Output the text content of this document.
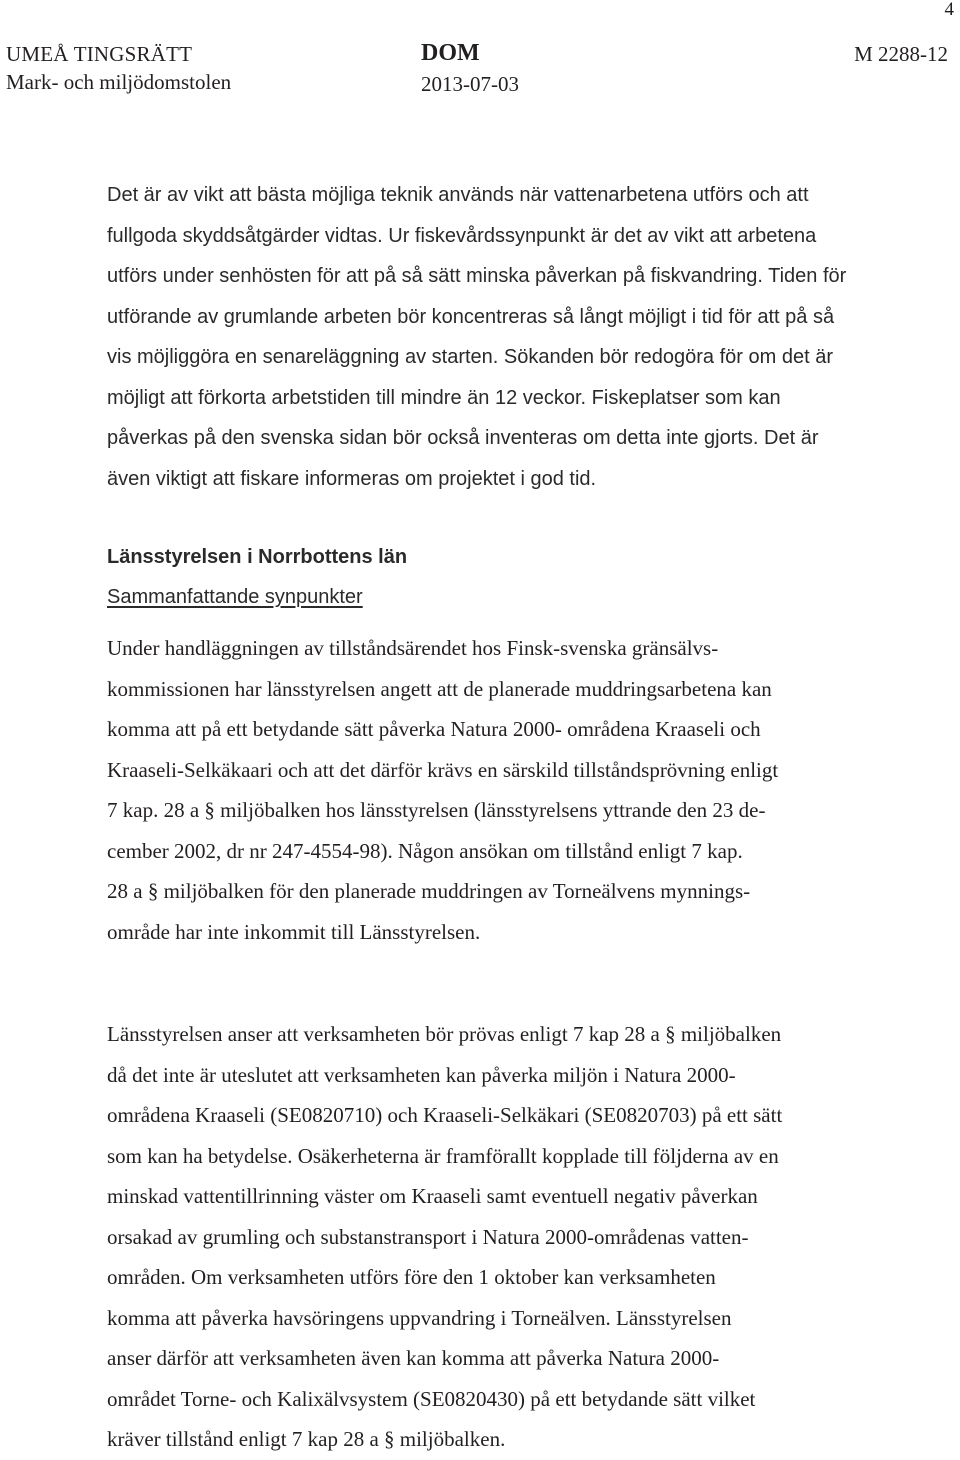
4
UMEÅ TINGSRÄTT
Mark- och miljödomstolen
DOM
2013-07-03
M 2288-12
Det är av vikt att bästa möjliga teknik används när vattenarbetena utförs och att
fullgoda skyddsåtgärder vidtas. Ur fiskevårdssynpunkt är det av vikt att arbetena
utförs under senhösten för att på så sätt minska påverkan på fiskvandring. Tiden för
utförande av grumlande arbeten bör koncentreras så långt möjligt i tid för att på så
vis möjliggöra en senareläggning av starten. Sökanden bör redogöra för om det är
möjligt att förkorta arbetstiden till mindre än 12 veckor. Fiskeplatser som kan
påverkas på den svenska sidan bör också inventeras om detta inte gjorts. Det är
även viktigt att fiskare informeras om projektet i god tid.
Länsstyrelsen i Norrbottens län
Sammanfattande synpunkter
Under handläggningen av tillståndsärendet hos Finsk-svenska gränsälvs-
kommissionen har länsstyrelsen angett att de planerade muddringsarbetena kan
komma att på ett betydande sätt påverka Natura 2000- områdena Kraaseli och
Kraaseli-Selkäkaari och att det därför krävs en särskild tillståndsprövning enligt
7 kap. 28 a § miljöbalken hos länsstyrelsen (länsstyrelsens yttrande den 23 de-
cember 2002, dr nr 247-4554-98). Någon ansökan om tillstånd enligt 7 kap.
28 a § miljöbalken för den planerade muddringen av Torneälvens mynnings-
område har inte inkommit till Länsstyrelsen.
Länsstyrelsen anser att verksamheten bör prövas enligt 7 kap 28 a § miljöbalken
då det inte är uteslutet att verksamheten kan påverka miljön i Natura 2000-
områdena Kraaseli (SE0820710) och Kraaseli-Selkäkari (SE0820703) på ett sätt
som kan ha betydelse. Osäkerheterna är framförallt kopplade till följderna av en
minskad vattentillrinning väster om Kraaseli samt eventuell negativ påverkan
orsakad av grumling och substanstransport i Natura 2000-områdenas vatten-
områden. Om verksamheten utförs före den 1 oktober kan verksamheten
komma att påverka havsöringens uppvandring i Torneälven. Länsstyrelsen
anser därför att verksamheten även kan komma att påverka Natura 2000-
området Torne- och Kalixälvsystem (SE0820430) på ett betydande sätt vilket
kräver tillstånd enligt 7 kap 28 a § miljöbalken.
